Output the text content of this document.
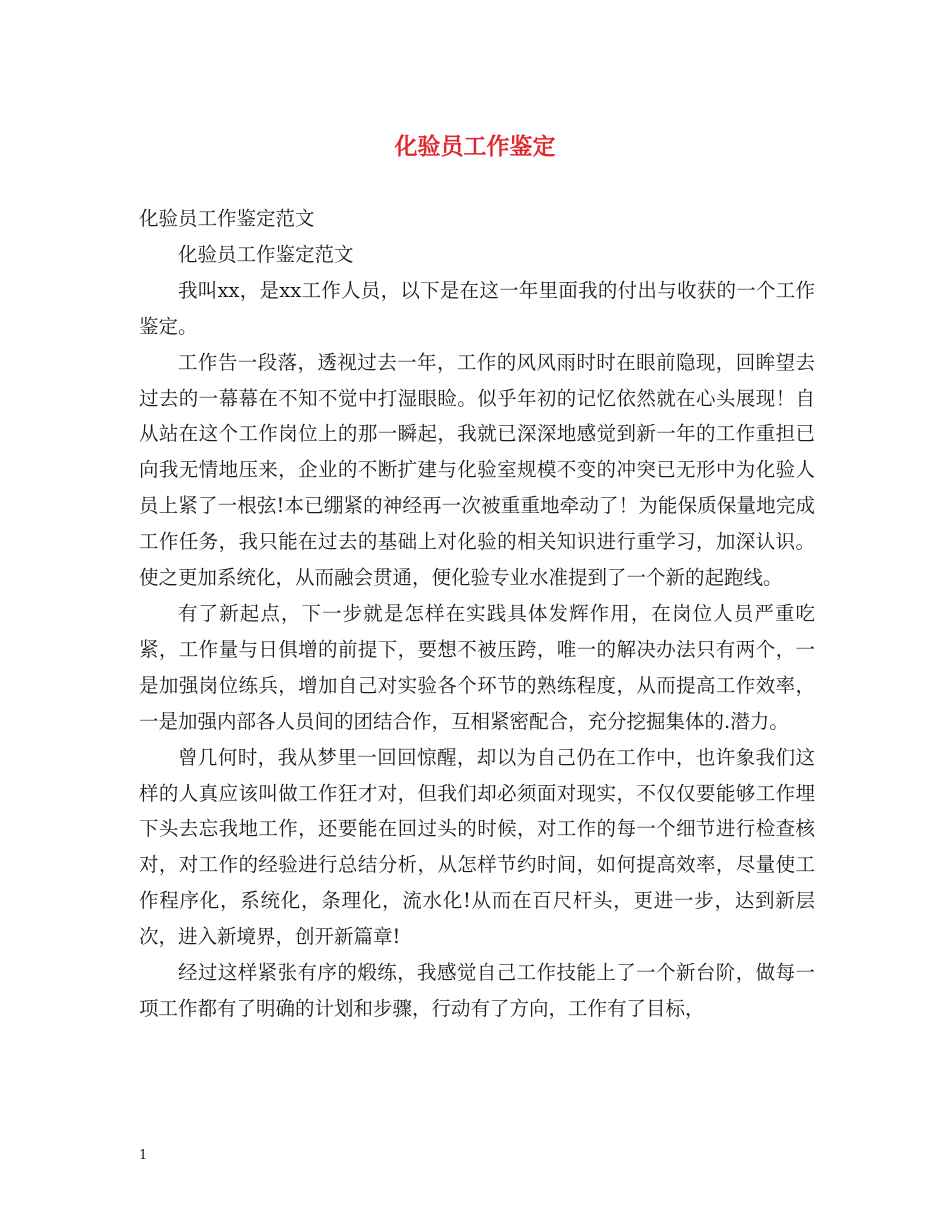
化验员工作鉴定

化验员工作鉴定范文

化验员工作鉴定范文

我叫xx，是xx工作人员，以下是在这一年里面我的付出与收获的一个工作鉴定。

工作告一段落，透视过去一年，工作的风风雨时时在眼前隐现，回眸望去过去的一幕幕在不知不觉中打湿眼睑。似乎年初的记忆依然就在心头展现！自从站在这个工作岗位上的那一瞬起，我就已深深地感觉到新一年的工作重担已向我无情地压来，企业的不断扩建与化验室规模不变的冲突已无形中为化验人员上紧了一根弦!本已绷紧的神经再一次被重重地牵动了！为能保质保量地完成工作任务，我只能在过去的基础上对化验的相关知识进行重学习，加深认识。使之更加系统化，从而融会贯通，便化验专业水准提到了一个新的起跑线。

有了新起点，下一步就是怎样在实践具体发辉作用，在岗位人员严重吃紧，工作量与日俱增的前提下，要想不被压跨，唯一的解决办法只有两个，一是加强岗位练兵，增加自己对实验各个环节的熟练程度，从而提高工作效率，一是加强内部各人员间的团结合作，互相紧密配合，充分挖掘集体的.潜力。

曾几何时，我从梦里一回回惊醒，却以为自己仍在工作中，也许象我们这样的人真应该叫做工作狂才对，但我们却必须面对现实，不仅仅要能够工作埋下头去忘我地工作，还要能在回过头的时候，对工作的每一个细节进行检查核对，对工作的经验进行总结分析，从怎样节约时间，如何提高效率，尽量使工作程序化，系统化，条理化，流水化!从而在百尺杆头，更进一步，达到新层次，进入新境界，创开新篇章!

经过这样紧张有序的煅练，我感觉自己工作技能上了一个新台阶，做每一项工作都有了明确的计划和步骤，行动有了方向，工作有了目标，

1
